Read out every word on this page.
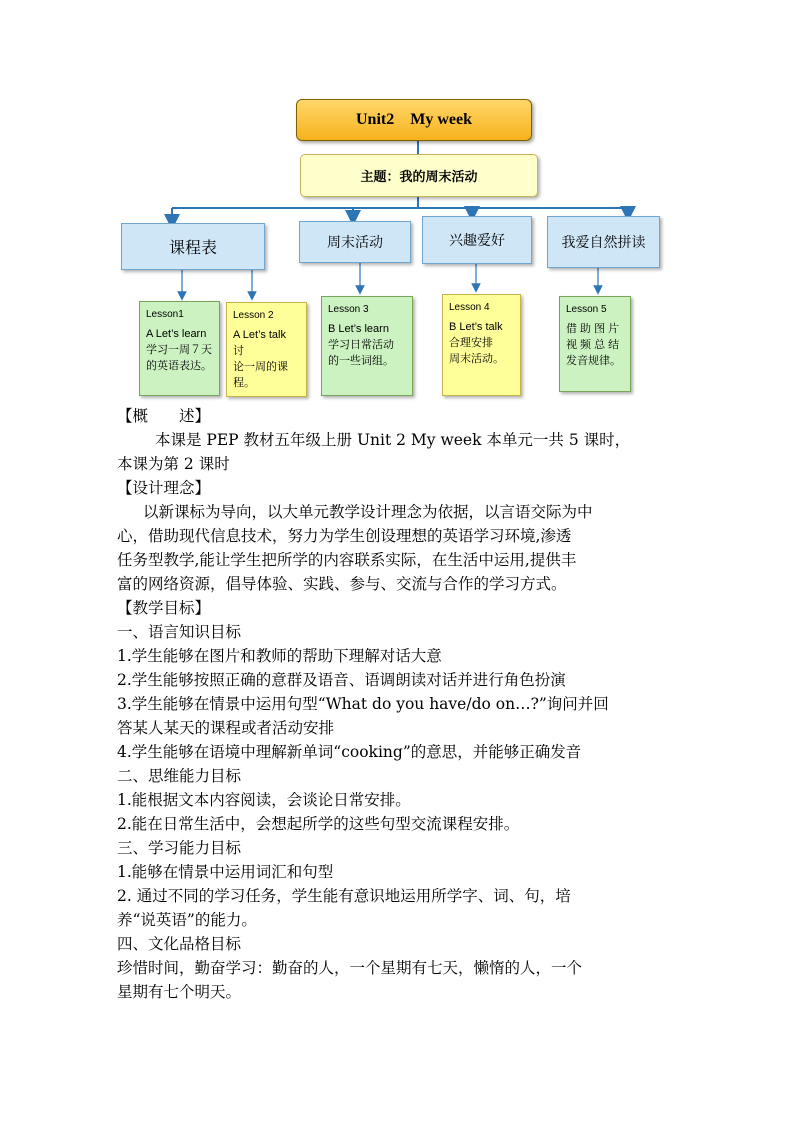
Unit2    My week
主题：我的周末活动
课程表	周末活动	兴趣爱好	我爱自然拼读
Lesson1
A Let’s learn
学习一周７天
的英语表达。
Lesson 2
A Let’s talk 讨
论一周的课
程。
Lesson 3
B Let’s learn
学习日常活动
的一些词组。
Lesson 4
B Let’s talk
合理安排
周末活动。
Lesson 5
借 助 图 片
视 频 总 结
发音规律。

【概　　述】

本课是 PEP 教材五年级上册 Unit 2 My week 本单元一共 5 课时，

本课为第 2 课时

【设计理念】

以新课标为导向，以大单元教学设计理念为依据，以言语交际为中

心，借助现代信息技术，努力为学生创设理想的英语学习环境,渗透

任务型教学,能让学生把所学的内容联系实际，在生活中运用,提供丰

富的网络资源，倡导体验、实践、参与、交流与合作的学习方式。

【教学目标】

一、语言知识目标

1.学生能够在图片和教师的帮助下理解对话大意

2.学生能够按照正确的意群及语音、语调朗读对话并进行角色扮演

3.学生能够在情景中运用句型“What do you have/do on…?”询问并回

答某人某天的课程或者活动安排

4.学生能够在语境中理解新单词“cooking”的意思，并能够正确发音

二、思维能力目标

1.能根据文本内容阅读，会谈论日常安排。

2.能在日常生活中，会想起所学的这些句型交流课程安排。

三、学习能力目标

1.能够在情景中运用词汇和句型

2. 通过不同的学习任务，学生能有意识地运用所学字、词、句，培

养“说英语”的能力。

四、文化品格目标

珍惜时间，勤奋学习：勤奋的人，一个星期有七天，懒惰的人，一个

星期有七个明天。
